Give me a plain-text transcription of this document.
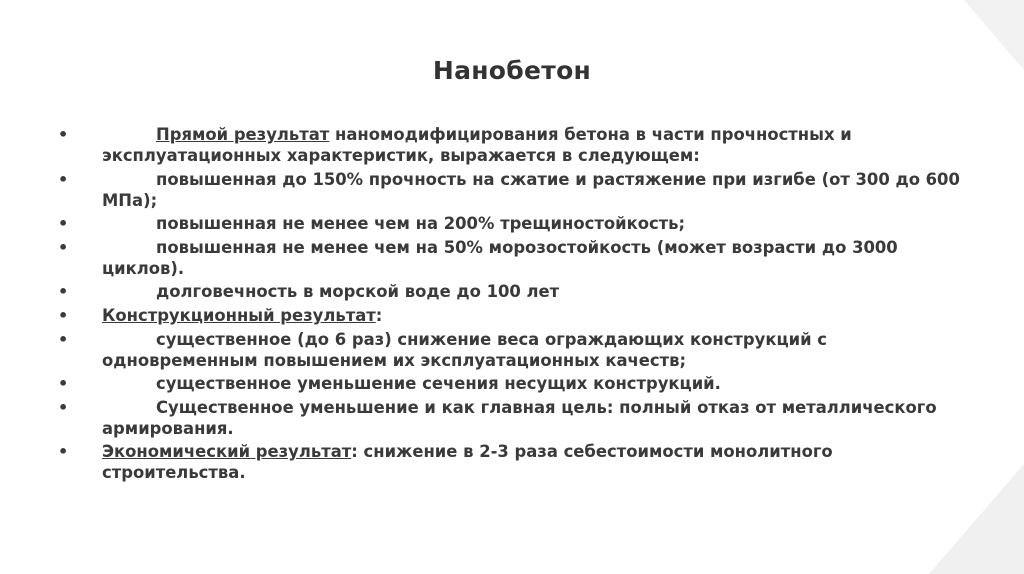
Нанобетон
•	Прямой результат наномодифицирования бетона в части прочностных и эксплуатационных характеристик, выражается в следующем:
•	повышенная до 150% прочность на сжатие и растяжение при изгибе (от 300 до 600 МПа);
•	повышенная не менее чем на 200% трещиностойкость;
•	повышенная не менее чем на 50% морозостойкость (может возрасти до 3000 циклов).
•	долговечность в морской воде до 100 лет
•	Конструкционный результат:
•	существенное (до 6 раз) снижение веса ограждающих конструкций с одновременным повышением их эксплуатационных качеств;
•	существенное уменьшение сечения несущих конструкций.
•	Существенное уменьшение и как главная цель: полный отказ от металлического армирования.
•	Экономический результат: снижение в 2-3 раза себестоимости монолитного строительства.
